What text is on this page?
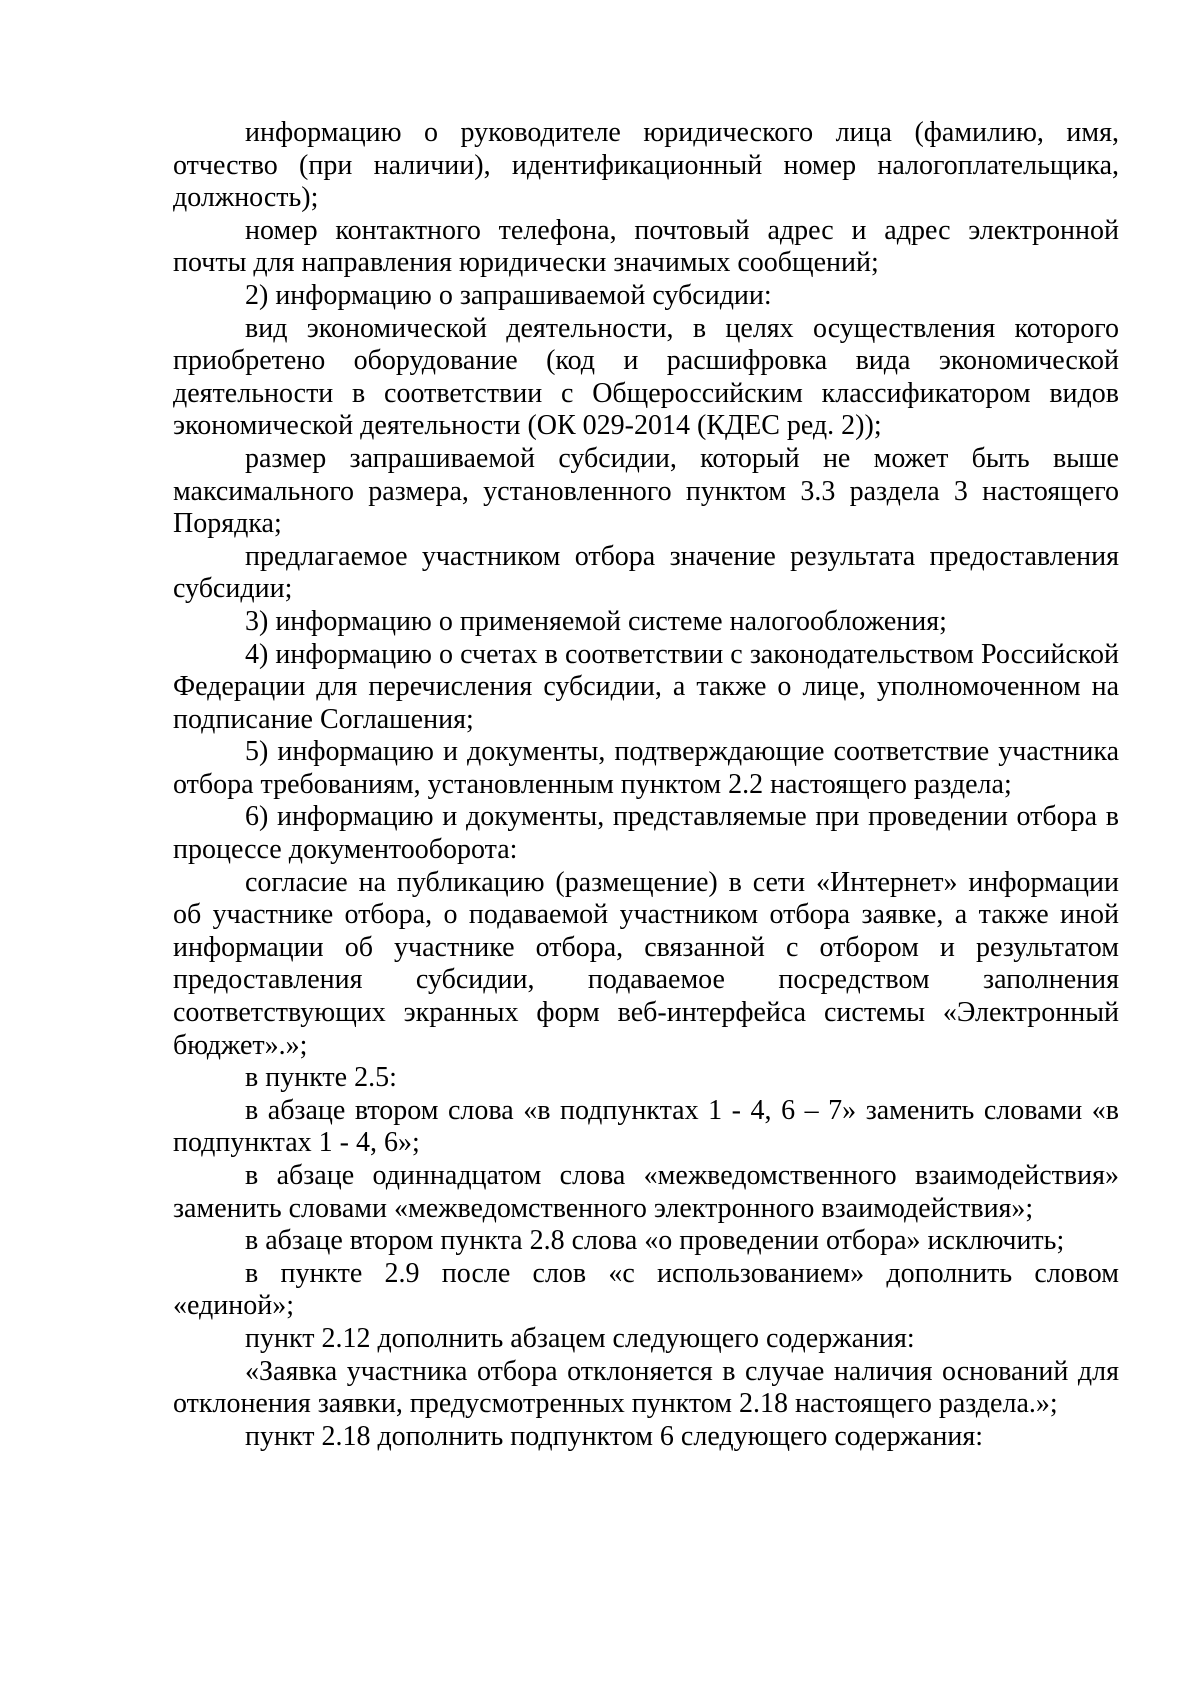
информацию о руководителе юридического лица (фамилию, имя, отчество (при наличии), идентификационный номер налогоплательщика, должность);

номер контактного телефона, почтовый адрес и адрес электронной почты для направления юридически значимых сообщений;

2) информацию о запрашиваемой субсидии:

вид экономической деятельности, в целях осуществления которого приобретено оборудование (код и расшифровка вида экономической деятельности в соответствии с Общероссийским классификатором видов экономической деятельности (ОК 029-2014 (КДЕС ред. 2));

размер запрашиваемой субсидии, который не может быть выше максимального размера, установленного пунктом 3.3 раздела 3 настоящего Порядка;

предлагаемое участником отбора значение результата предоставления субсидии;

3) информацию о применяемой системе налогообложения;

4) информацию о счетах в соответствии с законодательством Российской Федерации для перечисления субсидии, а также о лице, уполномоченном на подписание Соглашения;

5) информацию и документы, подтверждающие соответствие участника отбора требованиям, установленным пунктом 2.2 настоящего раздела;

6) информацию и документы, представляемые при проведении отбора в процессе документооборота:

согласие на публикацию (размещение) в сети «Интернет» информации об участнике отбора, о подаваемой участником отбора заявке, а также иной информации об участнике отбора, связанной с отбором и результатом предоставления субсидии, подаваемое посредством заполнения соответствующих экранных форм веб-интерфейса системы «Электронный бюджет».»;

в пункте 2.5:

в абзаце втором слова «в подпунктах 1 - 4, 6 – 7» заменить словами «в подпунктах 1 - 4, 6»;

в абзаце одиннадцатом слова «межведомственного взаимодействия» заменить словами «межведомственного электронного взаимодействия»;

в абзаце втором пункта 2.8 слова «о проведении отбора» исключить;

в пункте 2.9 после слов «с использованием» дополнить словом «единой»;

пункт 2.12 дополнить абзацем следующего содержания:

«Заявка участника отбора отклоняется в случае наличия оснований для отклонения заявки, предусмотренных пунктом 2.18 настоящего раздела.»;

пункт 2.18 дополнить подпунктом 6 следующего содержания:
